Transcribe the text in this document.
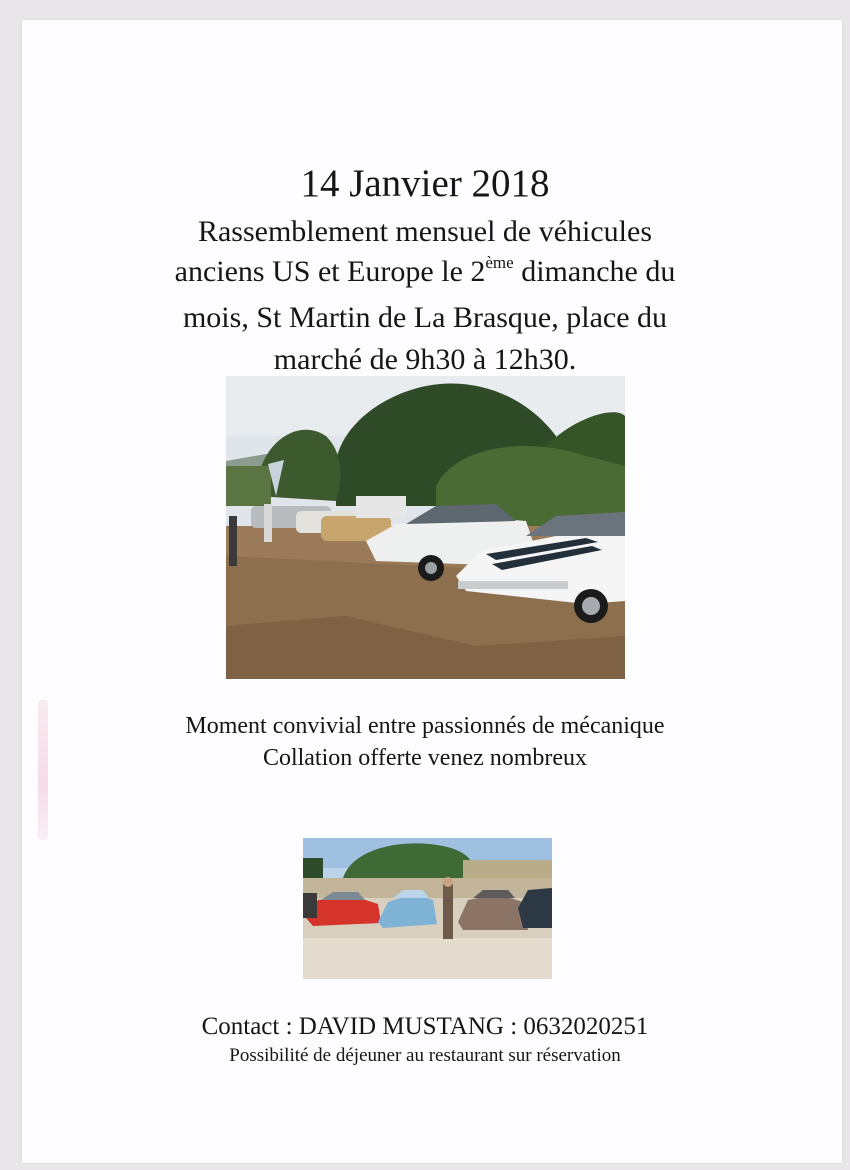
14 Janvier 2018
Rassemblement mensuel de véhicules
anciens US et Europe le 2ème dimanche du
mois, St Martin de La Brasque, place du
marché de 9h30 à 12h30.
Moment convivial entre passionnés de mécanique
Collation offerte venez nombreux
Contact : DAVID MUSTANG : 0632020251
Possibilité de déjeuner au restaurant sur réservation
